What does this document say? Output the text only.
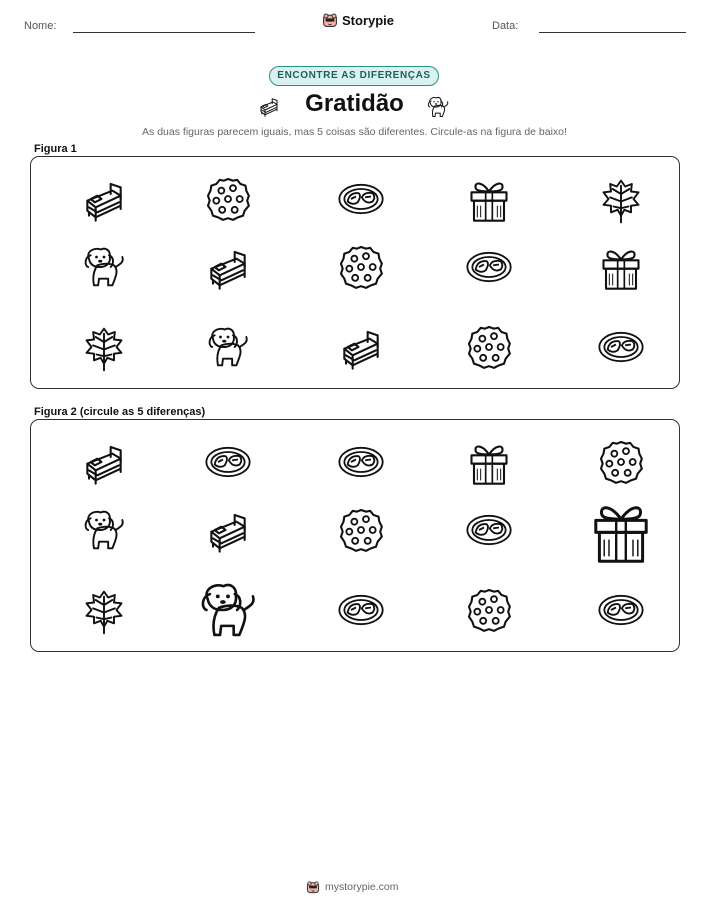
Nome:	Storypie	Data:
ENCONTRE AS DIFERENÇAS
Gratidão
As duas figuras parecem iguais, mas 5 coisas são diferentes. Circule-as na figura de baixo!
Figura 1
Figura 2 (circule as 5 diferenças)
mystorypie.com
